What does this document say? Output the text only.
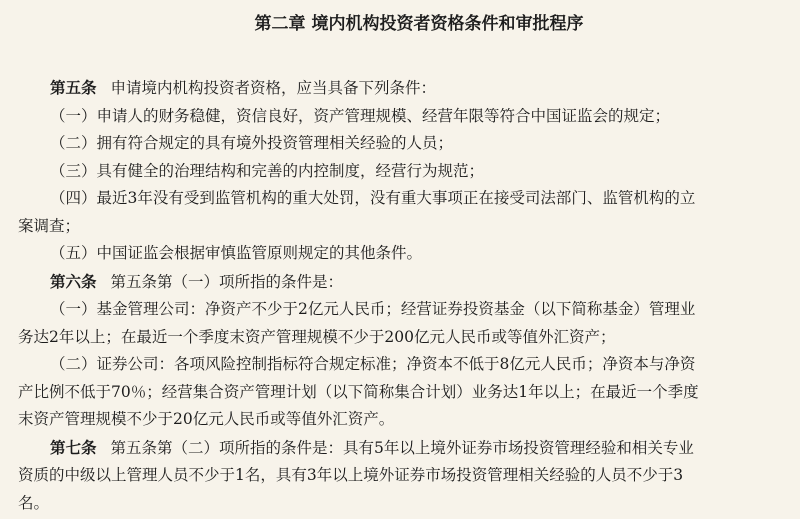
第二章 境内机构投资者资格条件和审批程序

第五条 申请境内机构投资者资格，应当具备下列条件：

（一）申请人的财务稳健，资信良好，资产管理规模、经营年限等符合中国证监会的规定；

（二）拥有符合规定的具有境外投资管理相关经验的人员；

（三）具有健全的治理结构和完善的内控制度，经营行为规范；

（四）最近3年没有受到监管机构的重大处罚，没有重大事项正在接受司法部门、监管机构的立

案调查；

（五）中国证监会根据审慎监管原则规定的其他条件。

第六条 第五条第（一）项所指的条件是：

（一）基金管理公司：净资产不少于2亿元人民币；经营证券投资基金（以下简称基金）管理业

务达2年以上；在最近一个季度末资产管理规模不少于200亿元人民币或等值外汇资产；

（二）证券公司：各项风险控制指标符合规定标准；净资本不低于8亿元人民币；净资本与净资

产比例不低于70％；经营集合资产管理计划（以下简称集合计划）业务达1年以上；在最近一个季度

末资产管理规模不少于20亿元人民币或等值外汇资产。

第七条 第五条第（二）项所指的条件是：具有5年以上境外证券市场投资管理经验和相关专业

资质的中级以上管理人员不少于1名，具有3年以上境外证券市场投资管理相关经验的人员不少于3

名。
